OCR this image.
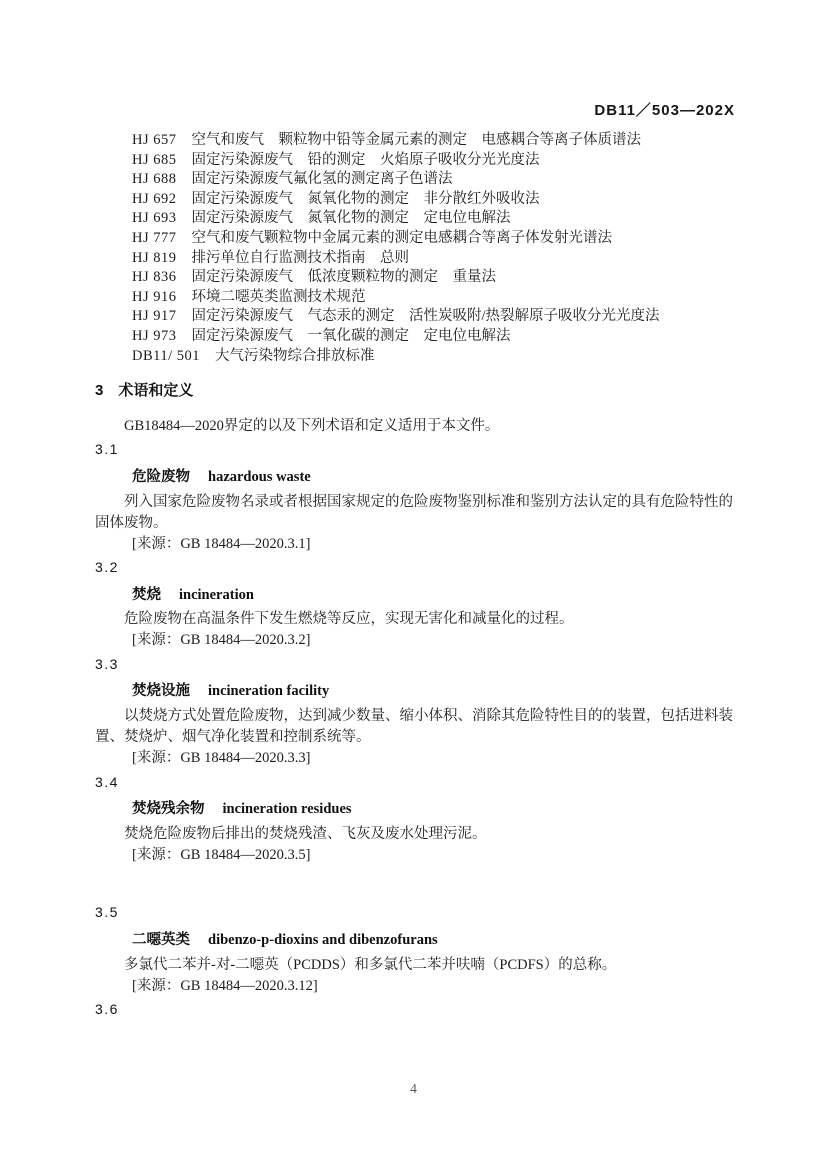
DB11／503—202X
HJ 657 空气和废气　颗粒物中铅等金属元素的测定　电感耦合等离子体质谱法
HJ 685 固定污染源废气　铅的测定　火焰原子吸收分光光度法
HJ 688 固定污染源废气氟化氢的测定离子色谱法
HJ 692 固定污染源废气　氮氧化物的测定　非分散红外吸收法
HJ 693 固定污染源废气　氮氧化物的测定　定电位电解法
HJ 777 空气和废气颗粒物中金属元素的测定电感耦合等离子体发射光谱法
HJ 819 排污单位自行监测技术指南　总则
HJ 836 固定污染源废气　低浓度颗粒物的测定　重量法
HJ 916 环境二噁英类监测技术规范
HJ 917 固定污染源废气　气态汞的测定　活性炭吸附/热裂解原子吸收分光光度法
HJ 973 固定污染源废气　一氧化碳的测定　定电位电解法
DB11/ 501 大气污染物综合排放标准
3 术语和定义

GB18484—2020界定的以及下列术语和定义适用于本文件。

3.1
危险废物 hazardous waste

列入国家危险废物名录或者根据国家规定的危险废物鉴别标准和鉴别方法认定的具有危险特性的固体废物。

[来源：GB 18484—2020.3.1]
3.2
焚烧 incineration

危险废物在高温条件下发生燃烧等反应，实现无害化和减量化的过程。

[来源：GB 18484—2020.3.2]
3.3
焚烧设施 incineration facility

以焚烧方式处置危险废物，达到减少数量、缩小体积、消除其危险特性目的的装置，包括进料装置、焚烧炉、烟气净化装置和控制系统等。

[来源：GB 18484—2020.3.3]
3.4
焚烧残余物 incineration residues

焚烧危险废物后排出的焚烧残渣、飞灰及废水处理污泥。

[来源：GB 18484—2020.3.5]
3.5
二噁英类 dibenzo-p-dioxins and dibenzofurans

多氯代二苯并-对-二噁英（PCDDS）和多氯代二苯并呋喃（PCDFS）的总称。

[来源：GB 18484—2020.3.12]
3.6
4
